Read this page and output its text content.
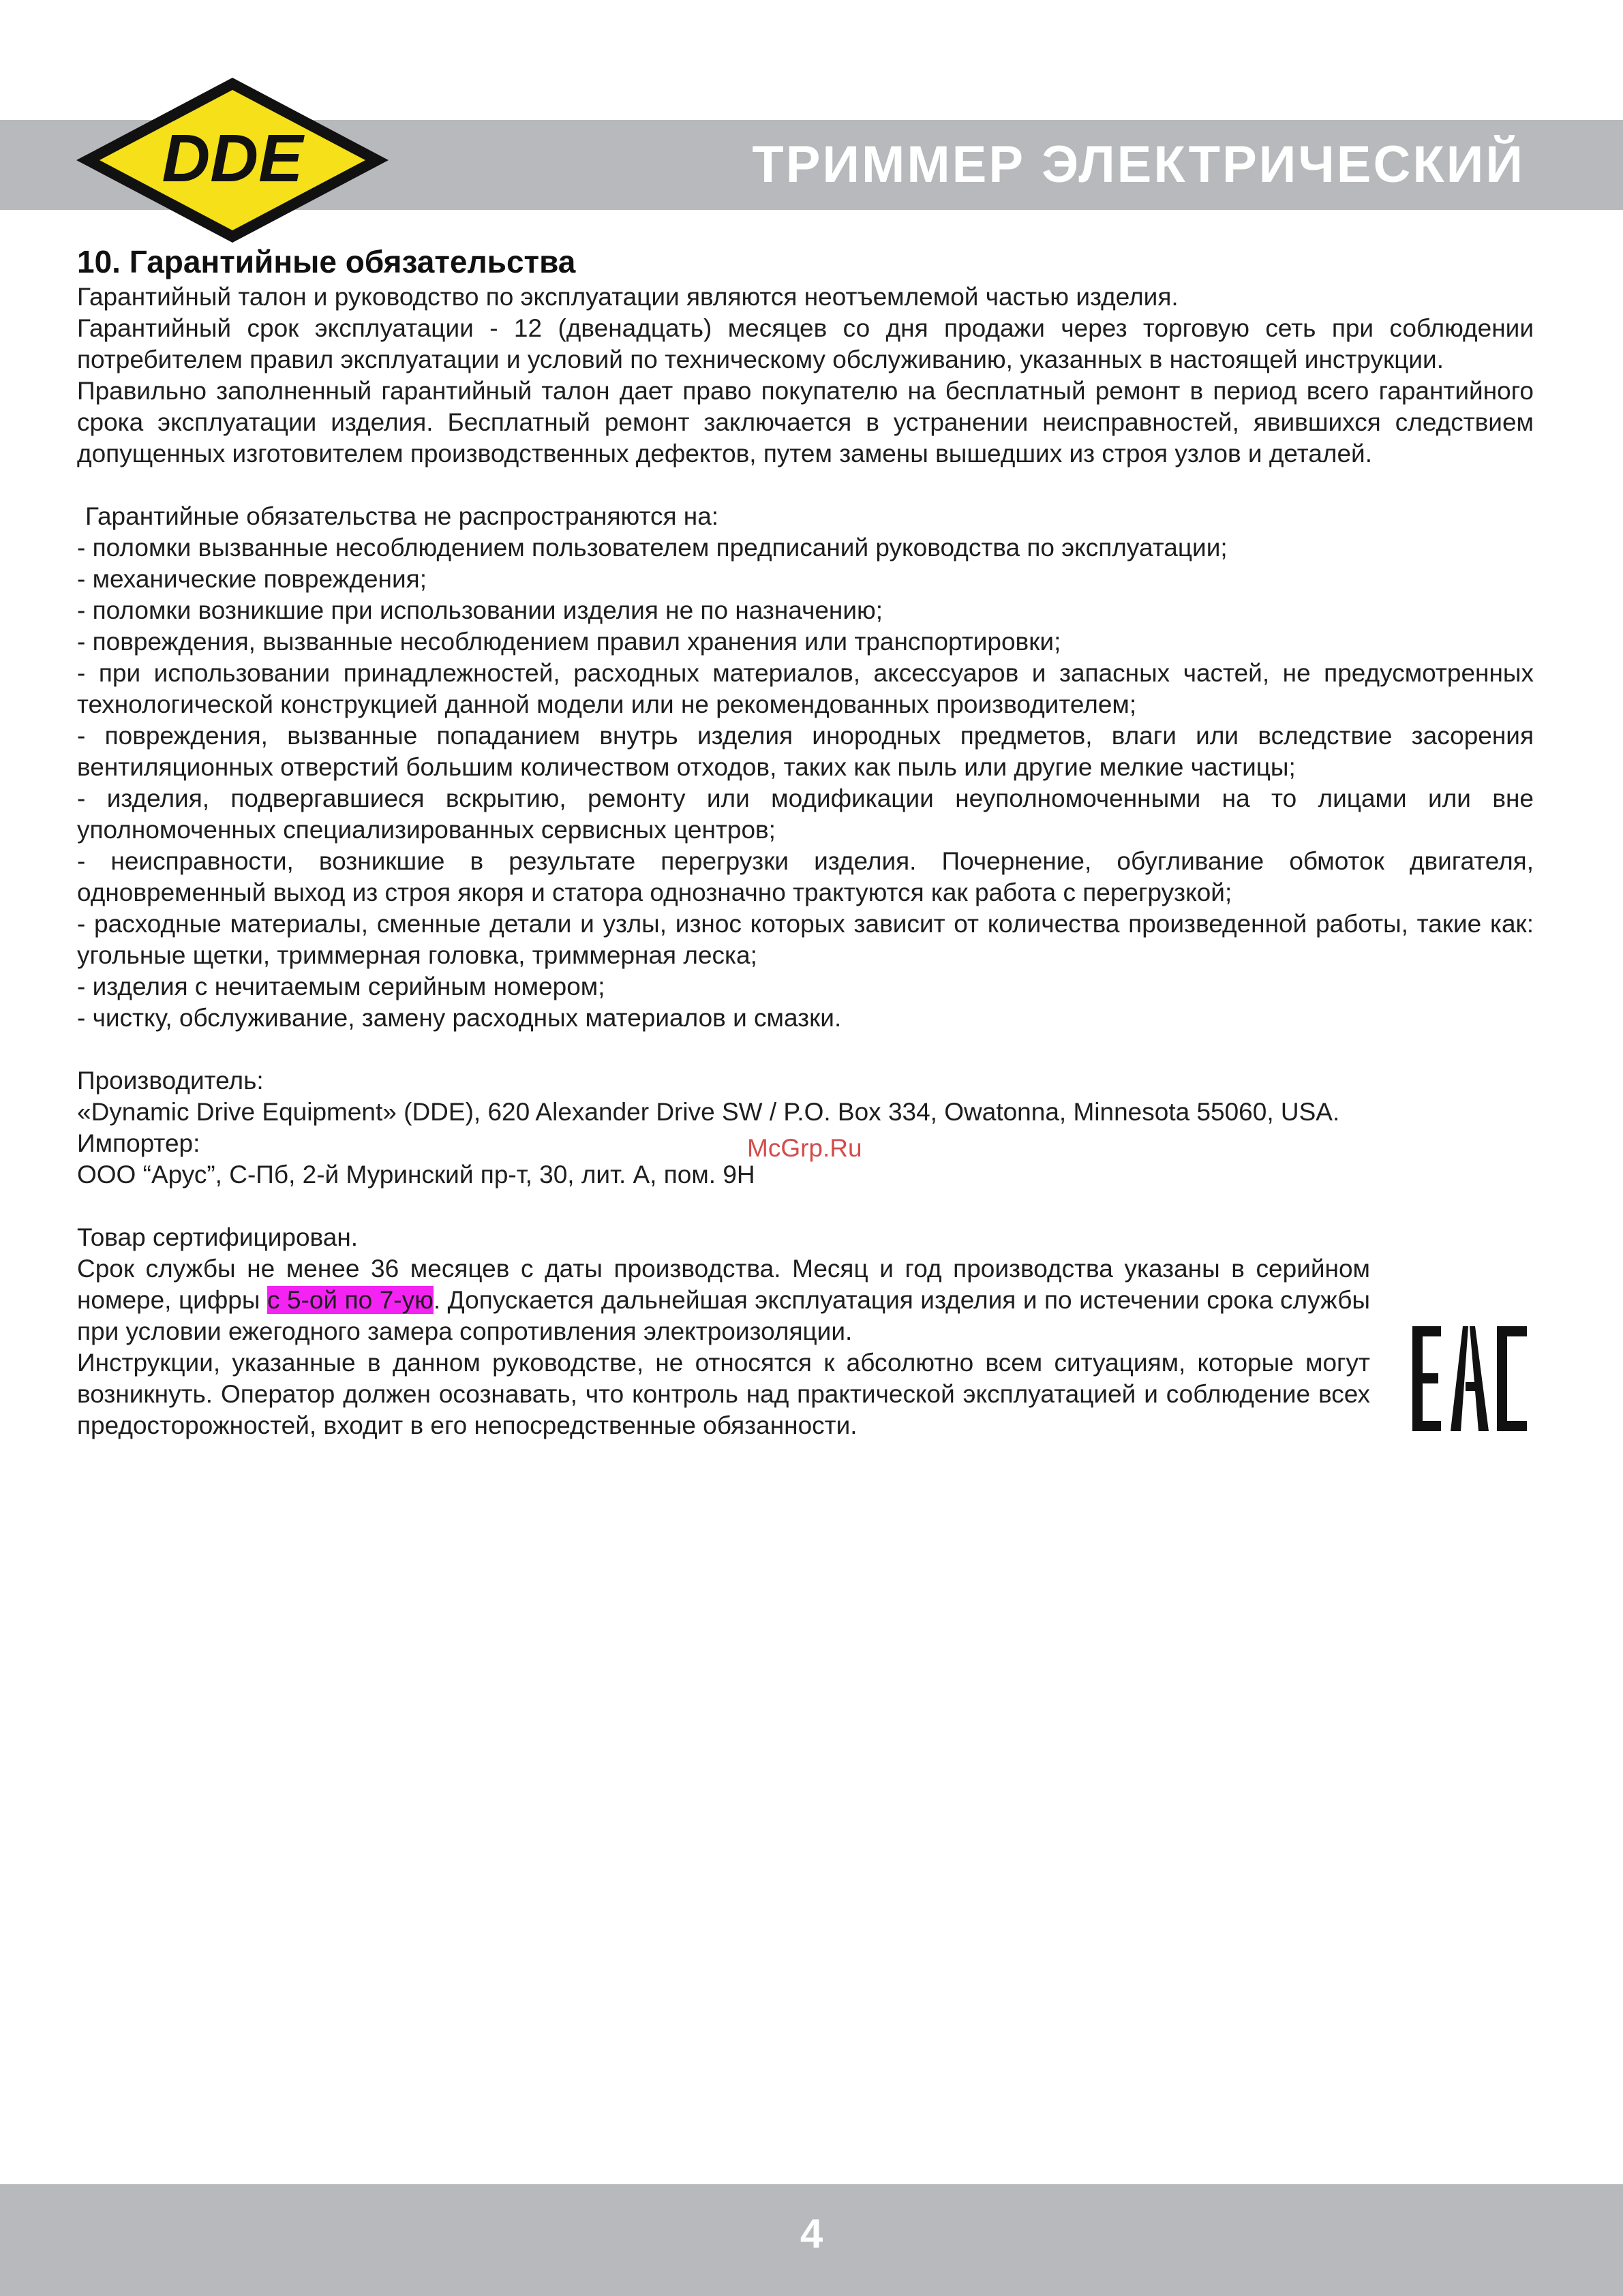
ТРИММЕР ЭЛЕКТРИЧЕСКИЙ
DDE

10. Гарантийные обязательства

Гарантийный талон и руководство по эксплуатации являются неотъемлемой частью изделия.

Гарантийный срок эксплуатации - 12 (двенадцать) месяцев со дня продажи через торговую сеть при соблюдении потребителем правил эксплуатации и условий по техническому обслуживанию, указанных в настоящей инструкции.

Правильно заполненный гарантийный талон дает право покупателю на бесплатный ремонт в период всего гарантийного срока эксплуатации изделия. Бесплатный ремонт заключается в устранении неисправностей, явившихся следствием допущенных изготовителем производственных дефектов, путем замены вышедших из строя узлов и деталей.

Гарантийные обязательства не распространяются на:

- поломки вызванные несоблюдением пользователем предписаний руководства по эксплуатации;

- механические повреждения;

- поломки возникшие при использовании изделия не по назначению;

- повреждения, вызванные несоблюдением правил хранения или транспортировки;

- при использовании принадлежностей, расходных материалов, аксессуаров и запасных частей, не предусмотренных технологической конструкцией данной модели или не рекомендованных производителем;

- повреждения, вызванные попаданием внутрь изделия инородных предметов, влаги или вследствие засорения вентиляционных отверстий большим количеством отходов, таких как пыль или другие мелкие частицы;

- изделия, подвергавшиеся вскрытию, ремонту или модификации неуполномоченными на то лицами или вне уполномоченных специализированных сервисных центров;

- неисправности, возникшие в результате перегрузки изделия. Почернение, обугливание обмоток двигателя, одновременный выход из строя якоря и статора однозначно трактуются как работа с перегрузкой;

- расходные материалы, сменные детали и узлы, износ которых зависит от количества произведенной работы, такие как: угольные щетки, триммерная головка, триммерная леска;

- изделия с нечитаемым серийным номером;

- чистку, обслуживание, замену расходных материалов и смазки.

Производитель:

«Dynamic Drive Equipment» (DDE), 620 Alexander Drive SW / P.O. Box 334, Owatonna, Minnesota 55060, USA.

Импортер:

ООО “Арус”, С-Пб, 2-й Муринский пр-т, 30, лит. А, пом. 9Н

Товар сертифицирован.

Срок службы не менее 36 месяцев с даты производства. Месяц и год производства указаны в серийном номере, цифры с 5-ой по 7-ую. Допускается дальнейшая эксплуатация изделия и по истечении срока службы при условии ежегодного замера сопротивления электроизоляции.

Инструкции, указанные в данном руководстве, не относятся к абсолютно всем ситуациям, которые могут возникнуть. Оператор должен осознавать, что контроль над практической эксплуатацией и соблюдение всех предосторожностей, входит в его непосредственные обязанности.

McGrp.Ru
4
